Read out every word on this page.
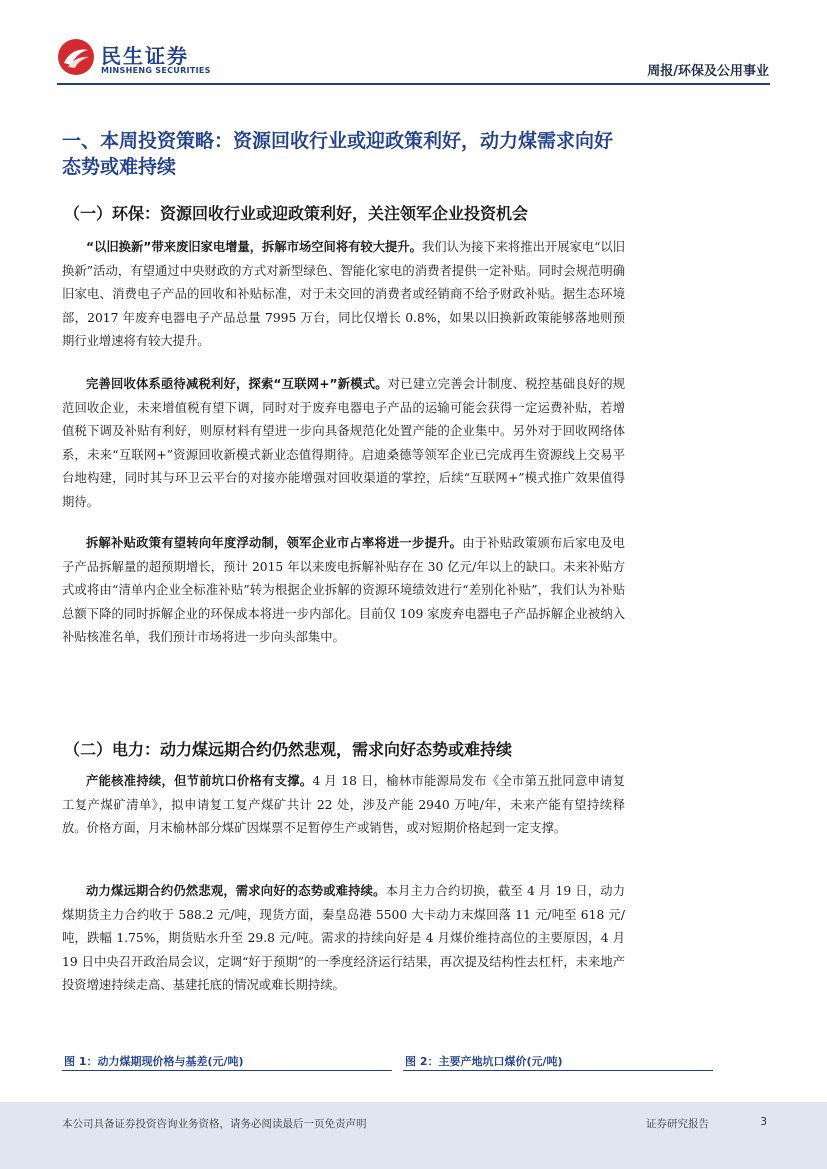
民生证券
MINSHENG SECURITIES	周报/环保及公用事业
一、本周投资策略：资源回收行业或迎政策利好，动力煤需求向好态势或难持续
（一）环保：资源回收行业或迎政策利好，关注领军企业投资机会
“以旧换新”带来废旧家电增量，拆解市场空间将有较大提升。我们认为接下来将推出开展家电“以旧换新”活动，有望通过中央财政的方式对新型绿色、智能化家电的消费者提供一定补贴。同时会规范明确旧家电、消费电子产品的回收和补贴标准，对于未交回的消费者或经销商不给予财政补贴。据生态环境部，2017 年废弃电器电子产品总量 7995 万台，同比仅增长 0.8%，如果以旧换新政策能够落地则预期行业增速将有较大提升。
完善回收体系亟待减税利好，探索“互联网+”新模式。对已建立完善会计制度、税控基础良好的规范回收企业，未来增值税有望下调，同时对于废弃电器电子产品的运输可能会获得一定运费补贴，若增值税下调及补贴有利好，则原材料有望进一步向具备规范化处置产能的企业集中。另外对于回收网络体系，未来“互联网+”资源回收新模式新业态值得期待。启迪桑德等领军企业已完成再生资源线上交易平台地构建，同时其与环卫云平台的对接亦能增强对回收渠道的掌控，后续“互联网+”模式推广效果值得期待。
拆解补贴政策有望转向年度浮动制，领军企业市占率将进一步提升。由于补贴政策颁布后家电及电子产品拆解量的超预期增长，预计 2015 年以来废电拆解补贴存在 30 亿元/年以上的缺口。未来补贴方式或将由“清单内企业全标准补贴”转为根据企业拆解的资源环境绩效进行“差别化补贴”，我们认为补贴总额下降的同时拆解企业的环保成本将进一步内部化。目前仅 109 家废弃电器电子产品拆解企业被纳入补贴核准名单，我们预计市场将进一步向头部集中。
（二）电力：动力煤远期合约仍然悲观，需求向好态势或难持续
产能核准持续，但节前坑口价格有支撑。4 月 18 日，榆林市能源局发布《全市第五批同意申请复工复产煤矿清单》，拟申请复工复产煤矿共计 22 处，涉及产能 2940 万吨/年，未来产能有望持续释放。价格方面，月末榆林部分煤矿因煤票不足暂停生产或销售，或对短期价格起到一定支撑。
动力煤远期合约仍然悲观，需求向好的态势或难持续。本月主力合约切换，截至 4 月 19 日，动力煤期货主力合约收于 588.2 元/吨，现货方面，秦皇岛港 5500 大卡动力末煤回落 11 元/吨至 618 元/吨，跌幅 1.75%，期货贴水升至 29.8 元/吨。需求的持续向好是 4 月煤价维持高位的主要原因，4 月 19 日中央召开政治局会议，定调“好于预期”的一季度经济运行结果，再次提及结构性去杠杆，未来地产投资增速持续走高、基建托底的情况或难长期持续。
图 1：动力煤期现价格与基差(元/吨)	图 2：主要产地坑口煤价(元/吨)
本公司具备证券投资咨询业务资格，请务必阅读最后一页免责声明	证券研究报告	3
